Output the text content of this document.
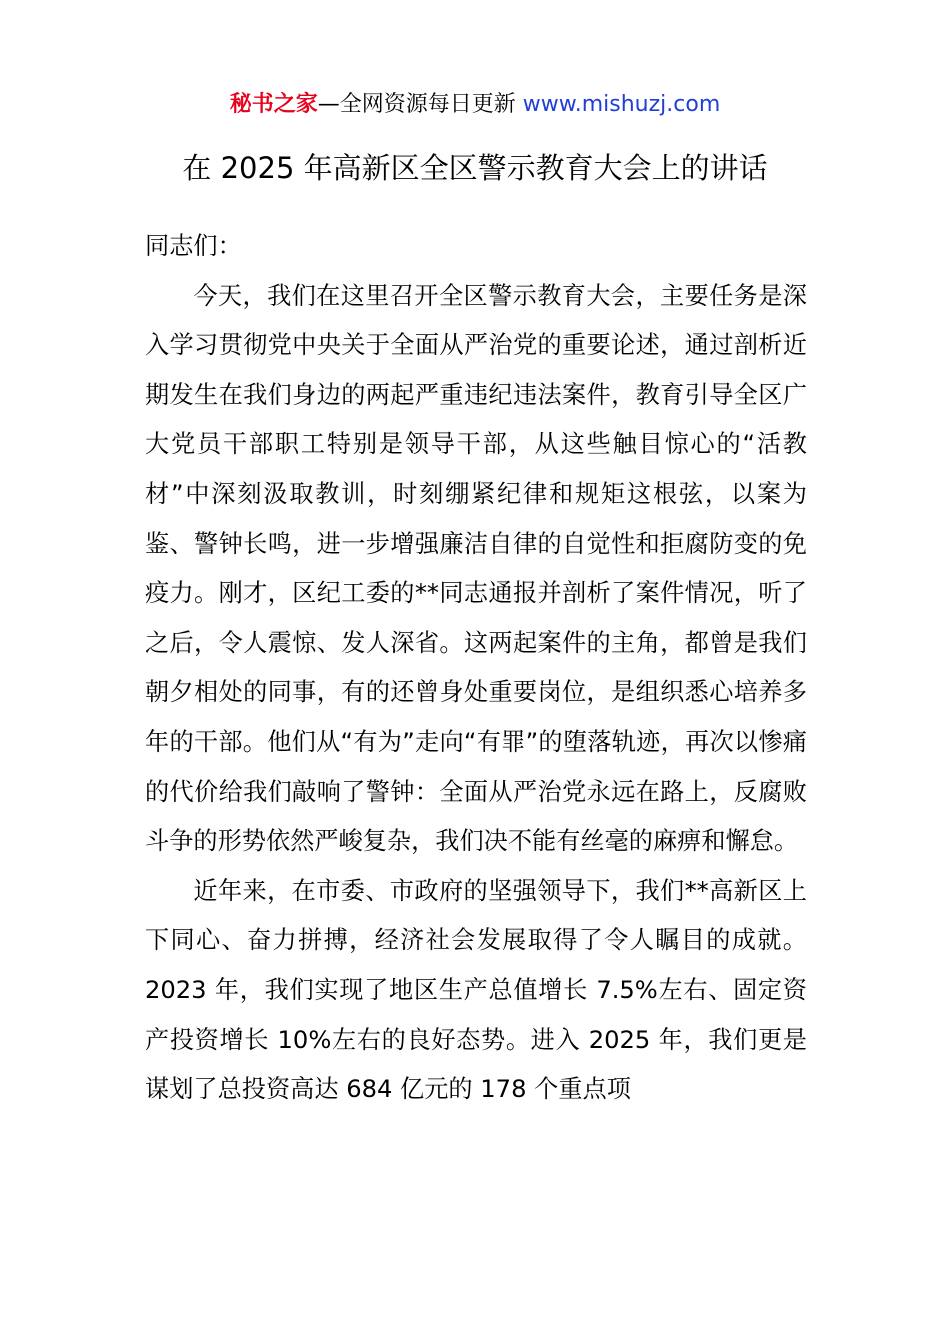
秘书之家—全网资源每日更新 www.mishuzj.com
在 2025 年高新区全区警示教育大会上的讲话

同志们：

今天，我们在这里召开全区警示教育大会，主要任务是深入学习贯彻党中央关于全面从严治党的重要论述，通过剖析近期发生在我们身边的两起严重违纪违法案件，教育引导全区广大党员干部职工特别是领导干部，从这些触目惊心的“活教材”中深刻汲取教训，时刻绷紧纪律和规矩这根弦，以案为鉴、警钟长鸣，进一步增强廉洁自律的自觉性和拒腐防变的免疫力。刚才，区纪工委的**同志通报并剖析了案件情况，听了之后，令人震惊、发人深省。这两起案件的主角，都曾是我们朝夕相处的同事，有的还曾身处重要岗位，是组织悉心培养多年的干部。他们从“有为”走向“有罪”的堕落轨迹，再次以惨痛的代价给我们敲响了警钟：全面从严治党永远在路上，反腐败斗争的形势依然严峻复杂，我们决不能有丝毫的麻痹和懈怠。

近年来，在市委、市政府的坚强领导下，我们**高新区上下同心、奋力拼搏，经济社会发展取得了令人瞩目的成就。2023 年，我们实现了地区生产总值增长 7.5%左右、固定资产投资增长 10%左右的良好态势。进入 2025 年，我们更是谋划了总投资高达 684 亿元的 178 个重点项
